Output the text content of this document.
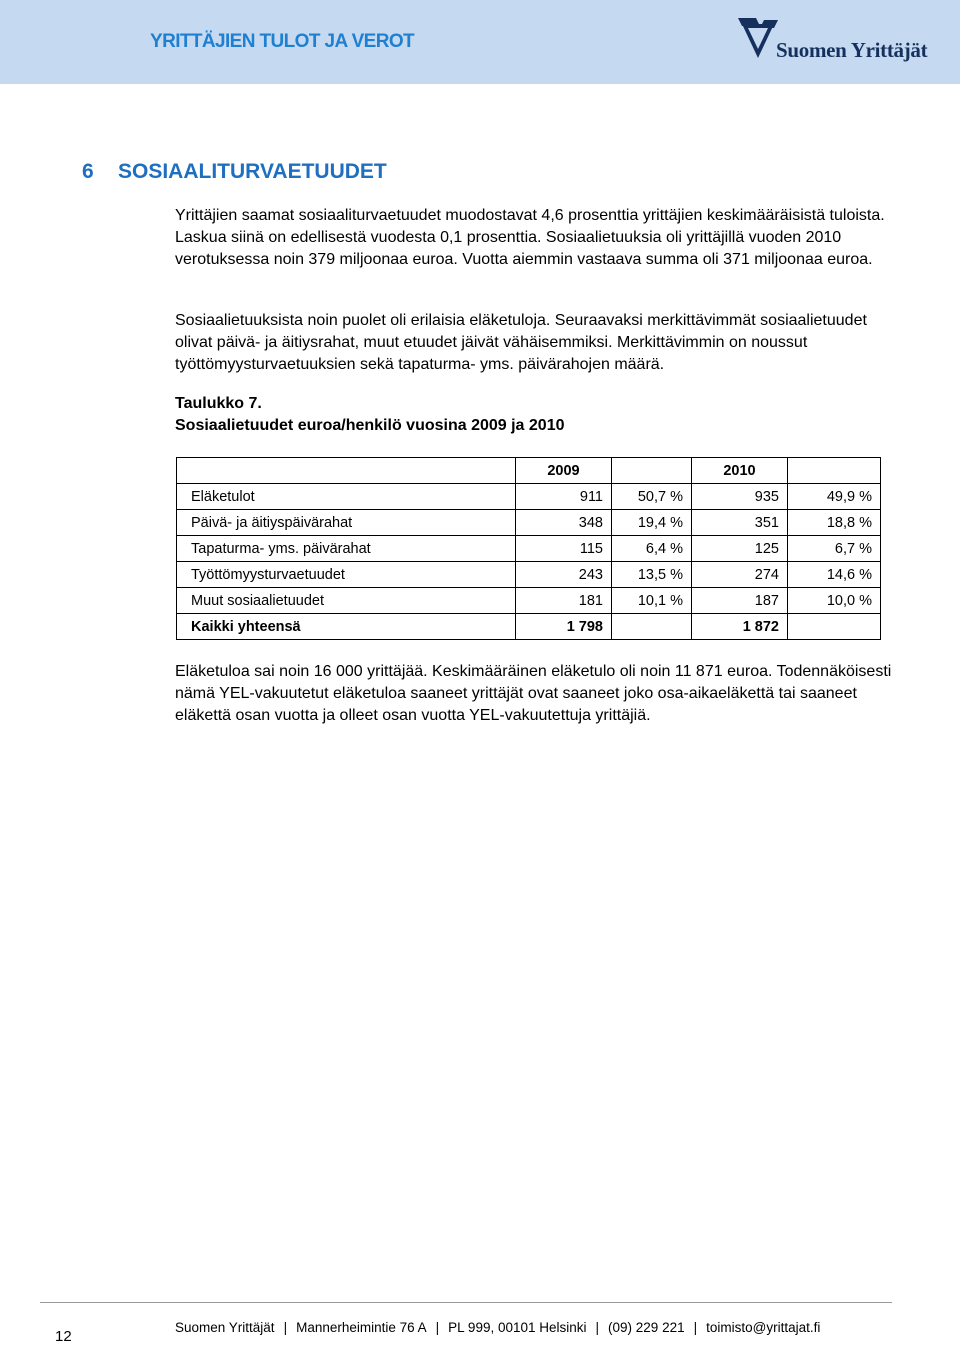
YRITTÄJIEN TULOT JA VEROT	Suomen Yrittäjät
6 SOSIAALITURVAETUUDET

Yrittäjien saamat sosiaaliturvaetuudet muodostavat 4,6 prosenttia yrittäjien keskimääräisistä tuloista. Laskua siinä on edellisestä vuodesta 0,1 prosenttia. Sosiaalietuuksia oli yrittäjillä vuoden 2010 verotuksessa noin 379 miljoonaa euroa. Vuotta aiemmin vastaava summa oli 371 miljoonaa euroa.

Sosiaalietuuksista noin puolet oli erilaisia eläketuloja. Seuraavaksi merkittävimmät sosiaalietuudet olivat päivä- ja äitiysrahat, muut etuudet jäivät vähäisemmiksi. Merkittävimmin on noussut työttömyysturvaetuuksien sekä tapaturma- yms. päivärahojen määrä.

Taulukko 7.
Sosiaalietuudet euroa/henkilö vuosina 2009 ja 2010
	2009		2010	
Eläketulot	911	50,7 %	935	49,9 %
Päivä- ja äitiyspäivärahat	348	19,4 %	351	18,8 %
Tapaturma- yms. päivärahat	115	6,4 %	125	6,7 %
Työttömyysturvaetuudet	243	13,5 %	274	14,6 %
Muut sosiaalietuudet	181	10,1 %	187	10,0 %
Kaikki yhteensä	1 798		1 872	

Eläketuloa sai noin 16 000 yrittäjää. Keskimääräinen eläketulo oli noin 11 871 euroa. Todennäköisesti nämä YEL-vakuutetut eläketuloa saaneet yrittäjät ovat saaneet joko osa-aikaeläkettä tai saaneet eläkettä osan vuotta ja olleet osan vuotta YEL-vakuutettuja yrittäjiä.

12
Suomen Yrittäjät | Mannerheimintie 76 A | PL 999, 00101 Helsinki | (09) 229 221 | toimisto@yrittajat.fi
